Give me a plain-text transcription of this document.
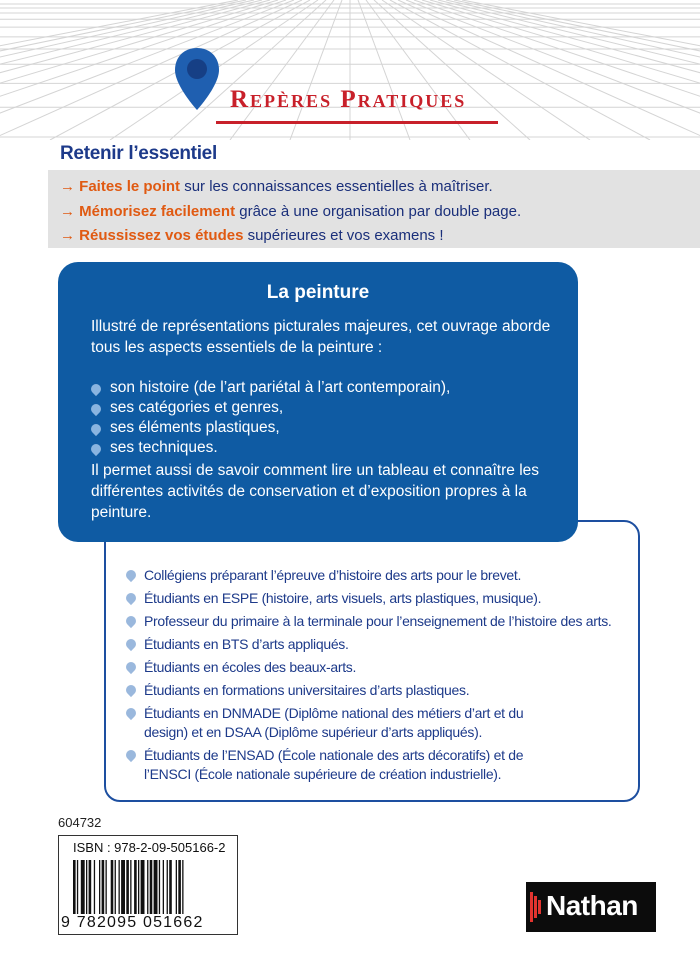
Repères Pratiques
Retenir l’essentiel
→ Faites le point sur les connaissances essentielles à maîtriser.
→ Mémorisez facilement grâce à une organisation par double page.
→ Réussissez vos études supérieures et vos examens !
Collégiens préparant l’épreuve d’histoire des arts pour le brevet.
Étudiants en ESPE (histoire, arts visuels, arts plastiques, musique).
Professeur du primaire à la terminale pour l’enseignement de l’histoire des arts.
Étudiants en BTS d’arts appliqués.
Étudiants en écoles des beaux-arts.
Étudiants en formations universitaires d’arts plastiques.
Étudiants en DNMADE (Diplôme national des métiers d’art et du design) et en DSAA (Diplôme supérieur d’arts appliqués).
Étudiants de l’ENSAD (École nationale des arts décoratifs) et de l’ENSCI (École nationale supérieure de création industrielle).
La peinture
Illustré de représentations picturales majeures, cet ouvrage aborde tous les aspects essentiels de la peinture :
son histoire (de l’art pariétal à l’art contemporain),
ses catégories et genres,
ses éléments plastiques,
ses techniques.
Il permet aussi de savoir comment lire un tableau et connaître les différentes activités de conservation et d’exposition propres à la peinture.
604732
ISBN : 978-2-09-505166-2
9 782095 051662
Nathan
